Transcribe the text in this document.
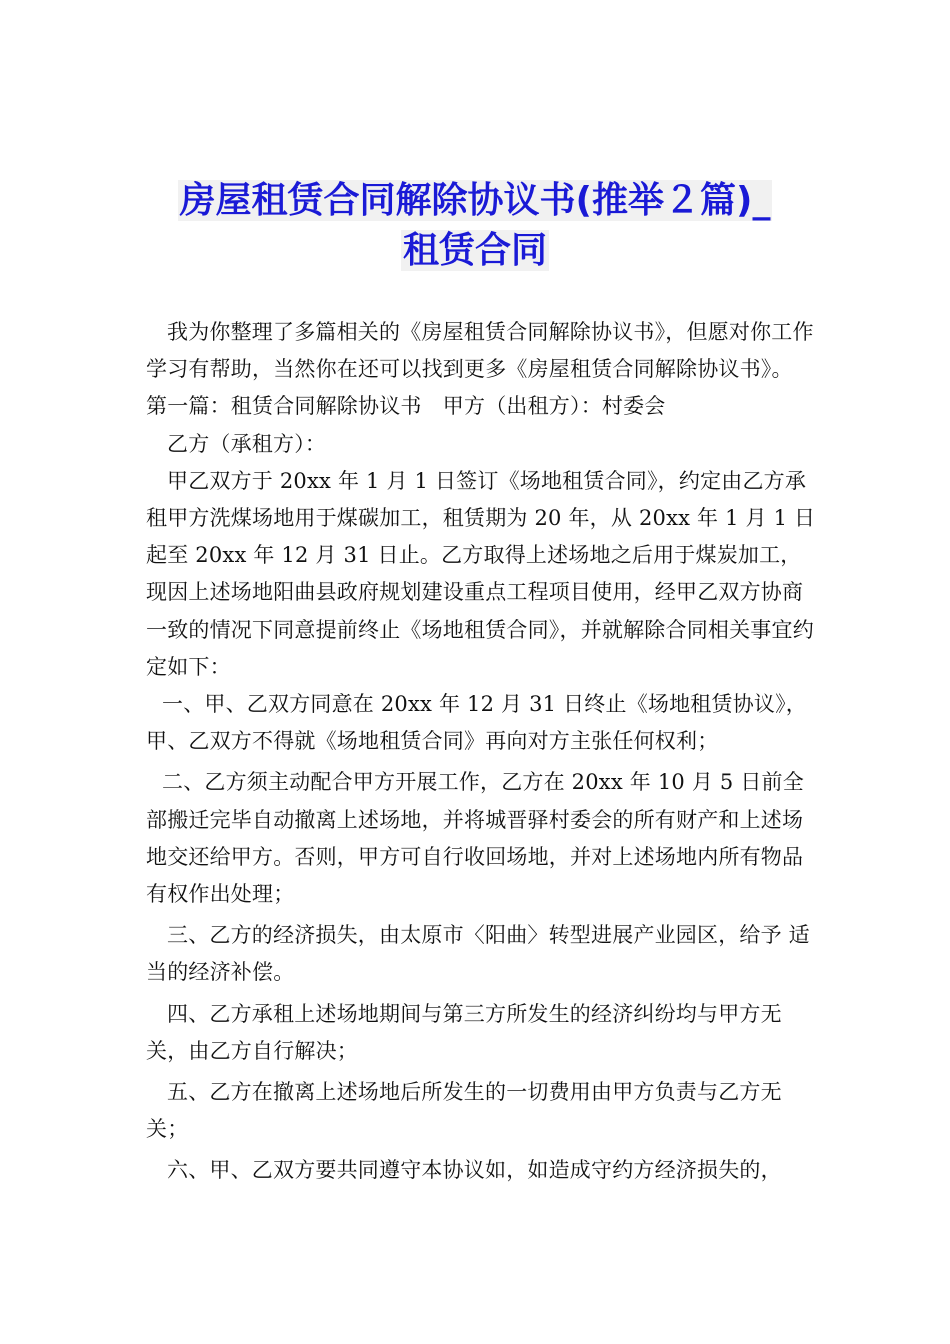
房屋租赁合同解除协议书(推举２篇)_
租赁合同

我为你整理了多篇相关的《房屋租赁合同解除协议书》，但愿对你工作学习有帮助，当然你在还可以找到更多《房屋租赁合同解除协议书》。

第一篇：租赁合同解除协议书　甲方（出租方）：村委会

乙方（承租方）：

甲乙双方于 20xx 年 1 月 1 日签订《场地租赁合同》，约定由乙方承租甲方洗煤场地用于煤碳加工，租赁期为 20 年，从 20xx 年 1 月 1 日起至 20xx 年 12 月 31 日止。乙方取得上述场地之后用于煤炭加工，现因上述场地阳曲县政府规划建设重点工程项目使用，经甲乙双方协商一致的情况下同意提前终止《场地租赁合同》，并就解除合同相关事宜约定如下：

一、甲、乙双方同意在 20xx 年 12 月 31 日终止《场地租赁协议》，甲、乙双方不得就《场地租赁合同》再向对方主张任何权利；

二、乙方须主动配合甲方开展工作，乙方在 20xx 年 10 月 5 日前全部搬迁完毕自动撤离上述场地，并将城晋驿村委会的所有财产和上述场地交还给甲方。否则，甲方可自行收回场地，并对上述场地内所有物品有权作出处理；

三、乙方的经济损失，由太原市〈阳曲〉转型进展产业园区，给予 适当的经济补偿。

四、乙方承租上述场地期间与第三方所发生的经济纠纷均与甲方无 关，由乙方自行解决；

五、乙方在撤离上述场地后所发生的一切费用由甲方负责与乙方无关；

六、甲、乙双方要共同遵守本协议如，如造成守约方经济损失的，
